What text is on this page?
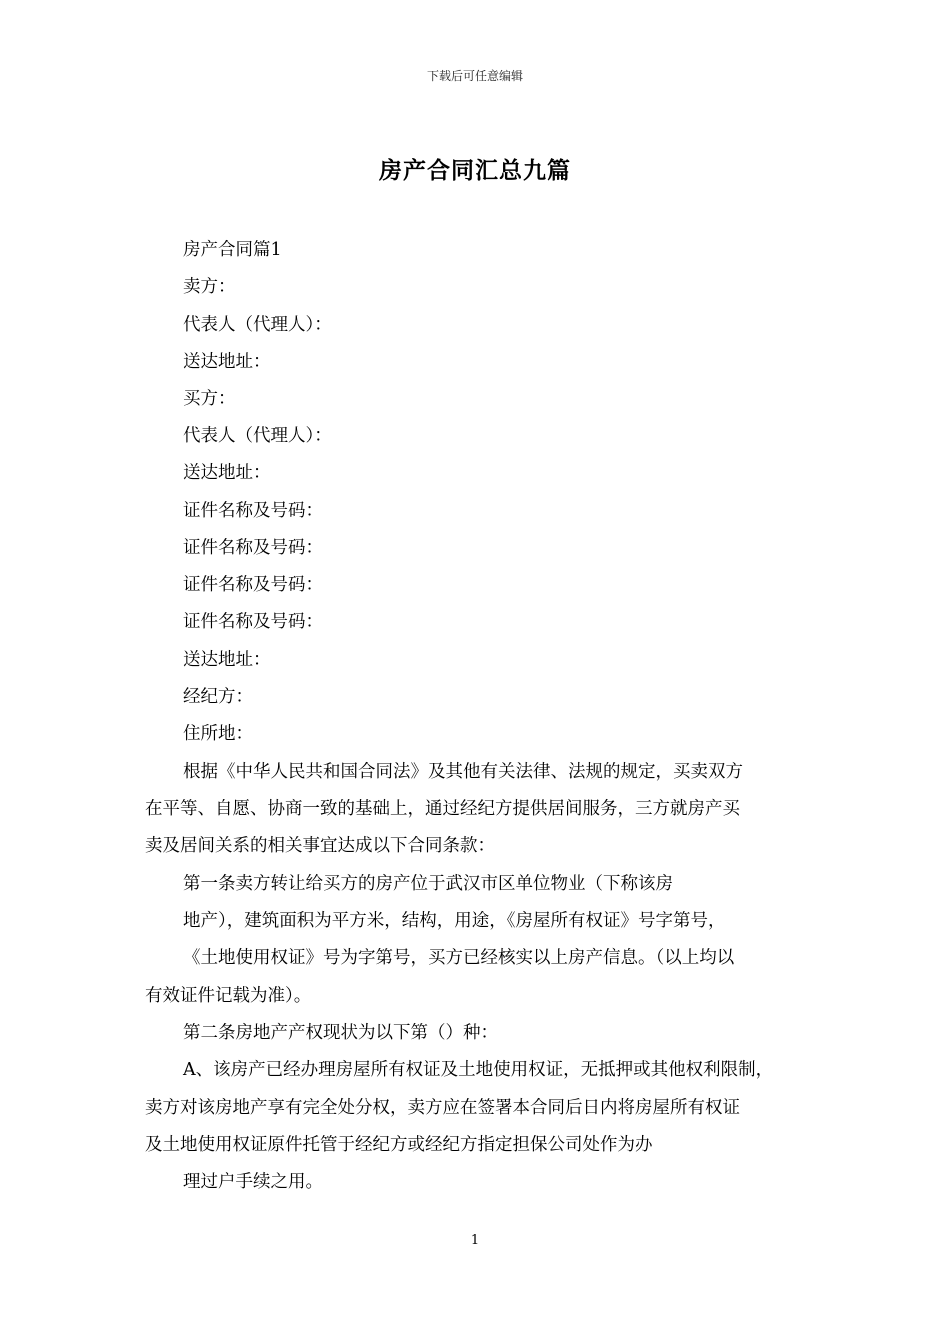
下载后可任意编辑
房产合同汇总九篇
房产合同篇1
卖方：
代表人（代理人）：
送达地址：
买方：
代表人（代理人）：
送达地址：
证件名称及号码：
证件名称及号码：
证件名称及号码：
证件名称及号码：
送达地址：
经纪方：
住所地：
根据《中华人民共和国合同法》及其他有关法律、法规的规定，买卖双方
在平等、自愿、协商一致的基础上，通过经纪方提供居间服务，三方就房产买
卖及居间关系的相关事宜达成以下合同条款：
第一条卖方转让给买方的房产位于武汉市区单位物业（下称该房
地产），建筑面积为平方米，结构，用途，《房屋所有权证》号字第号，
《土地使用权证》号为字第号，买方已经核实以上房产信息。（以上均以
有效证件记载为准）。
第二条房地产产权现状为以下第（）种：
A、该房产已经办理房屋所有权证及土地使用权证，无抵押或其他权利限制，
卖方对该房地产享有完全处分权，卖方应在签署本合同后日内将房屋所有权证
及土地使用权证原件托管于经纪方或经纪方指定担保公司处作为办
理过户手续之用。
1
